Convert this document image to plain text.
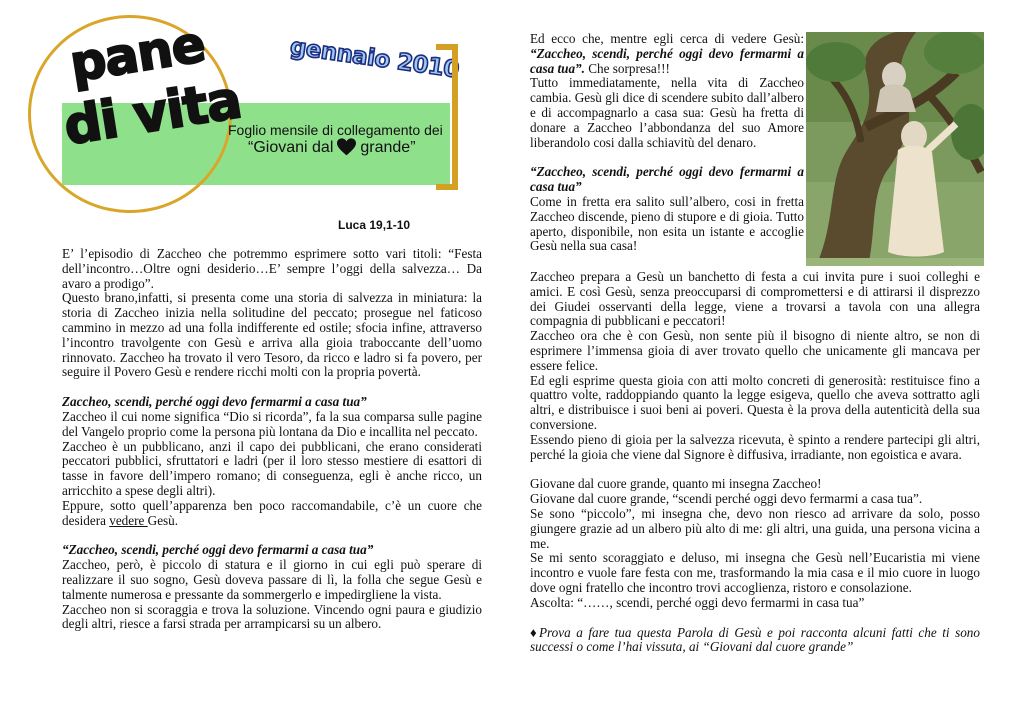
pane
di vita
gennaio 2010
Foglio mensile di collegamento dei
“Giovani dal grande”
Luca 19,1-10

E’ l’episodio di Zaccheo che potremmo esprimere sotto vari titoli: “Festa dell’incontro…Oltre ogni desiderio…E’ sempre l’oggi della salvezza… Da avaro a prodigo”.

Questo brano,infatti, si presenta come una storia di salvezza in miniatura: la storia di Zaccheo inizia nella solitudine del peccato; prosegue nel faticoso cammino in mezzo ad una folla indifferente ed ostile; sfocia infine, attraverso l’incontro travolgente con Gesù e arriva alla gioia traboccante dell’uomo rinnovato. Zaccheo ha trovato il vero Tesoro, da ricco e ladro si fa povero, per seguire il Povero Gesù e rendere ricchi molti con la propria povertà.

Zaccheo, scendi, perché oggi devo fermarmi a casa tua”

Zaccheo il cui nome significa “Dio si ricorda”, fa la sua comparsa sulle pagine del Vangelo proprio come la persona più lontana da Dio e incallita nel peccato.

Zaccheo è un pubblicano, anzi il capo dei pubblicani, che erano considerati peccatori pubblici, sfruttatori e ladri (per il loro stesso mestiere di esattori di tasse in favore dell’impero romano; di conseguenza, egli è anche ricco, un arricchito a spese degli altri).

Eppure, sotto quell’apparenza ben poco raccomandabile, c’è un cuore che desidera vedere Gesù.

“Zaccheo, scendi, perché oggi devo fermarmi a casa tua”

Zaccheo, però, è piccolo di statura e il giorno in cui egli può sperare di realizzare il suo sogno, Gesù doveva passare di lì, la folla che segue Gesù e talmente numerosa e pressante da sommergerlo e impedirgliene la vista.

Zaccheo non si scoraggia e trova la soluzione. Vincendo ogni paura e giudizio degli altri, riesce a farsi strada per arrampicarsi su un albero.

Ed ecco che, mentre egli cerca di vedere Gesù: “Zaccheo, scendi, perché oggi devo fermarmi a casa tua”. Che sorpresa!!!

Tutto immediatamente, nella vita di Zaccheo cambia. Gesù gli dice di scendere subito dall’albero e di accompagnarlo a casa sua: Gesù ha fretta di donare a Zaccheo l’abbondanza del suo Amore liberandolo cosi dalla schiavitù del denaro.

“Zaccheo, scendi, perché oggi devo fermarmi a casa tua”

Come in fretta era salito sull’albero, cosi in fretta Zaccheo discende, pieno di stupore e di gioia. Tutto aperto, disponibile, non esita un istante e accoglie Gesù nella sua casa!

Zaccheo prepara a Gesù un banchetto di festa a cui invita pure i suoi colleghi e amici. E così Gesù, senza preoccuparsi di compromettersi e di attirarsi il disprezzo dei Giudei osservanti della legge, viene a trovarsi a tavola con una allegra compagnia di pubblicani e peccatori!

Zaccheo ora che è con Gesù, non sente più il bisogno di niente altro, se non di esprimere l’immensa gioia di aver trovato quello che unicamente gli mancava per essere felice.

Ed egli esprime questa gioia con atti molto concreti di generosità: restituisce fino a quattro volte, raddoppiando quanto la legge esigeva, quello che aveva sottratto agli altri, e distribuisce i suoi beni ai poveri. Questa è la prova della autenticità della sua conversione.

Essendo pieno di gioia per la salvezza ricevuta, è spinto a rendere partecipi gli altri, perché la gioia che viene dal Signore è diffusiva, irradiante, non egoistica e avara.

Giovane dal cuore grande, quanto mi insegna Zaccheo!

Giovane dal cuore grande, “scendi perché oggi devo fermarmi a casa tua”.

Se sono “piccolo”, mi insegna che, devo non riesco ad arrivare da solo, posso giungere grazie ad un albero più alto di me: gli altri, una guida, una persona vicina a me.

Se mi sento scoraggiato e deluso, mi insegna che Gesù nell’Eucaristia mi viene incontro e vuole fare festa con me, trasformando la mia casa e il mio cuore in luogo dove ogni fratello che incontro trovi accoglienza, ristoro e consolazione.

Ascolta: “……, scendi, perché oggi devo fermarmi in casa tua”

♦Prova a fare tua questa Parola di Gesù e poi racconta alcuni fatti che ti sono successi o come l’hai vissuta, ai “Giovani dal cuore grande”
